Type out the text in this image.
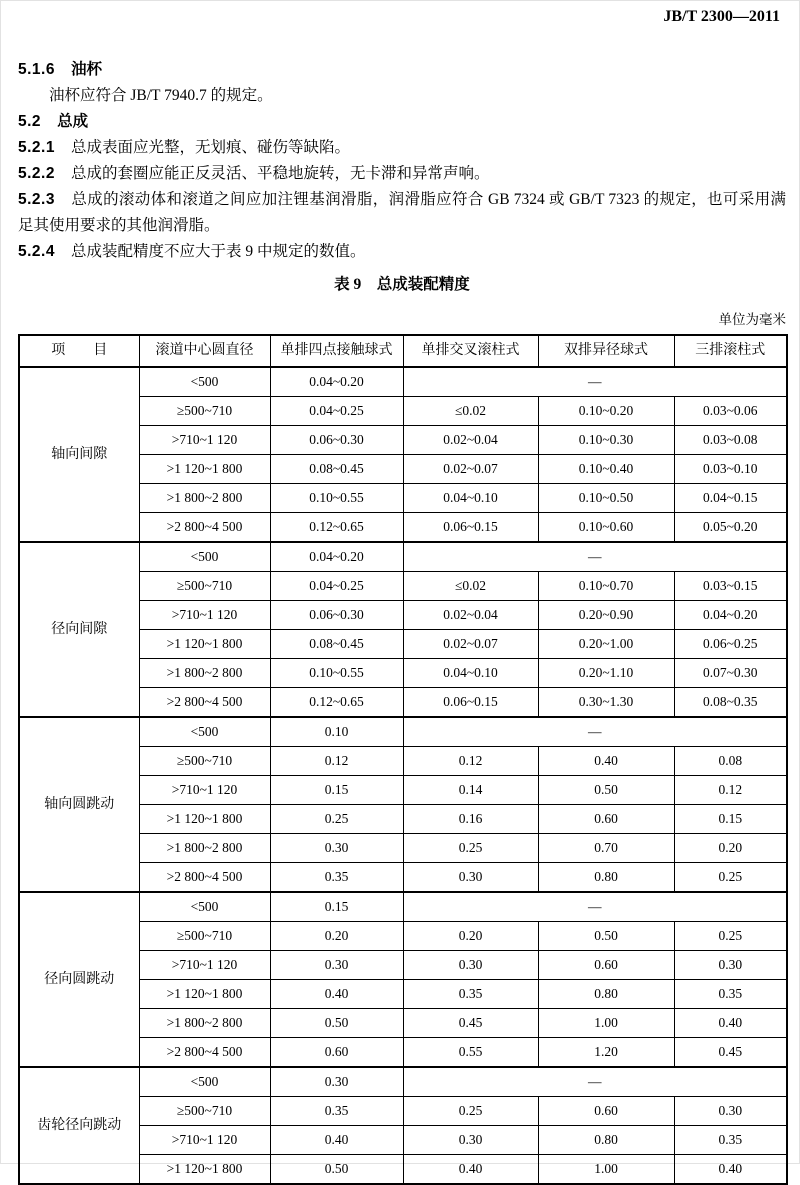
JB/T 2300—2011

5.1.6 油杯

油杯应符合 JB/T 7940.7 的规定。

5.2 总成

5.2.1 总成表面应光整，无划痕、碰伤等缺陷。

5.2.2 总成的套圈应能正反灵活、平稳地旋转，无卡滞和异常声响。

5.2.3 总成的滚动体和滚道之间应加注锂基润滑脂，润滑脂应符合 GB 7324 或 GB/T 7323 的规定，也可采用满足其使用要求的其他润滑脂。

5.2.4 总成装配精度不应大于表 9 中规定的数值。

表 9　总成装配精度

单位为毫米

项　　目	滚道中心圆直径	单排四点接触球式	单排交叉滚柱式	双排异径球式	三排滚柱式
轴向间隙	<500	0.04~0.20	—		
	≥500~710	0.04~0.25	≤0.02	0.10~0.20	0.03~0.06
	>710~1 120	0.06~0.30	0.02~0.04	0.10~0.30	0.03~0.08
	>1 120~1 800	0.08~0.45	0.02~0.07	0.10~0.40	0.03~0.10
	>1 800~2 800	0.10~0.55	0.04~0.10	0.10~0.50	0.04~0.15
	>2 800~4 500	0.12~0.65	0.06~0.15	0.10~0.60	0.05~0.20
径向间隙	<500	0.04~0.20	—		
	≥500~710	0.04~0.25	≤0.02	0.10~0.70	0.03~0.15
	>710~1 120	0.06~0.30	0.02~0.04	0.20~0.90	0.04~0.20
	>1 120~1 800	0.08~0.45	0.02~0.07	0.20~1.00	0.06~0.25
	>1 800~2 800	0.10~0.55	0.04~0.10	0.20~1.10	0.07~0.30
	>2 800~4 500	0.12~0.65	0.06~0.15	0.30~1.30	0.08~0.35
轴向圆跳动	<500	0.10	—		
	≥500~710	0.12	0.12	0.40	0.08
	>710~1 120	0.15	0.14	0.50	0.12
	>1 120~1 800	0.25	0.16	0.60	0.15
	>1 800~2 800	0.30	0.25	0.70	0.20
	>2 800~4 500	0.35	0.30	0.80	0.25
径向圆跳动	<500	0.15	—		
	≥500~710	0.20	0.20	0.50	0.25
	>710~1 120	0.30	0.30	0.60	0.30
	>1 120~1 800	0.40	0.35	0.80	0.35
	>1 800~2 800	0.50	0.45	1.00	0.40
	>2 800~4 500	0.60	0.55	1.20	0.45
齿轮径向跳动	<500	0.30	—		
	≥500~710	0.35	0.25	0.60	0.30
	>710~1 120	0.40	0.30	0.80	0.35
	>1 120~1 800	0.50	0.40	1.00	0.40
